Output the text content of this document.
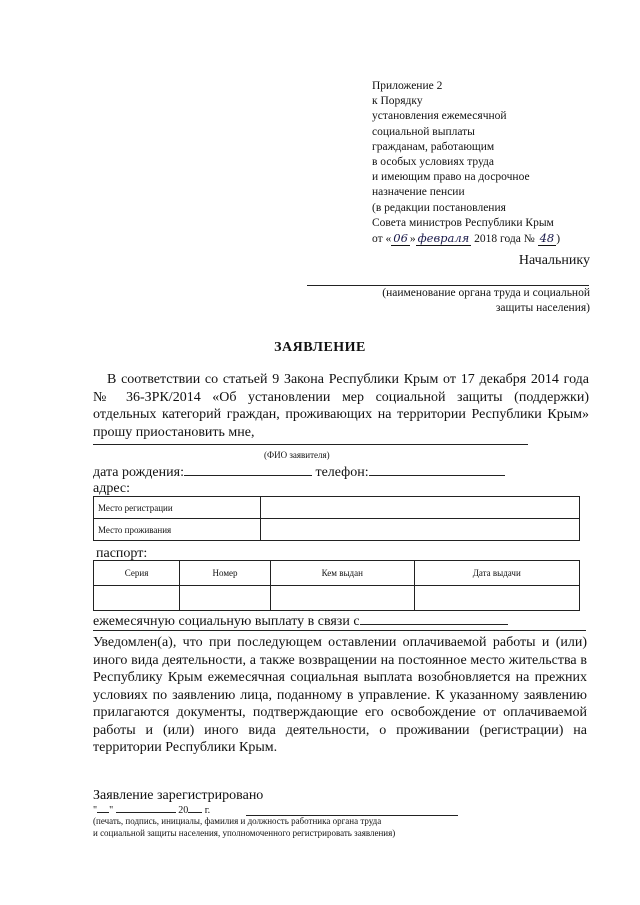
Приложение 2
к Порядку
установления ежемесячной
социальной выплаты
гражданам, работающим
в особых условиях труда
и имеющим право на досрочное
назначение пенсии
(в редакции постановления
Совета министров Республики Крым
от « 06 » февраля 2018 года № 48 )
Начальнику
(наименование органа труда и социальной
защиты населения)
ЗАЯВЛЕНИЕ

В соответствии со статьей 9 Закона Республики Крым от 17 декабря 2014 года № 36-ЗРК/2014 «Об установлении мер социальной защиты (поддержки) отдельных категорий граждан, проживающих на территории Республики Крым» прошу приостановить мне,

(ФИО заявителя)
дата рождения:	телефон:
адрес:
Место регистрации	
Место проживания	
паспорт:
Серия	Номер	Кем выдан	Дата выдачи

ежемесячную социальную выплату в связи с

Уведомлен(а), что при последующем оставлении оплачиваемой работы и (или) иного вида деятельности, а также возвращении на постоянное место жительства в Республику Крым ежемесячная социальная выплата возобновляется на прежних условиях по заявлению лица, поданному в управление. К указанному заявлению прилагаются документы, подтверждающие его освобождение от оплачиваемой работы и (или) иного вида деятельности, о проживании (регистрации) на территории Республики Крым.

Заявление зарегистрировано
" "	20 г.
(печать, подпись, инициалы, фамилия и должность работника органа труда
и социальной защиты населения, уполномоченного регистрировать заявления)
